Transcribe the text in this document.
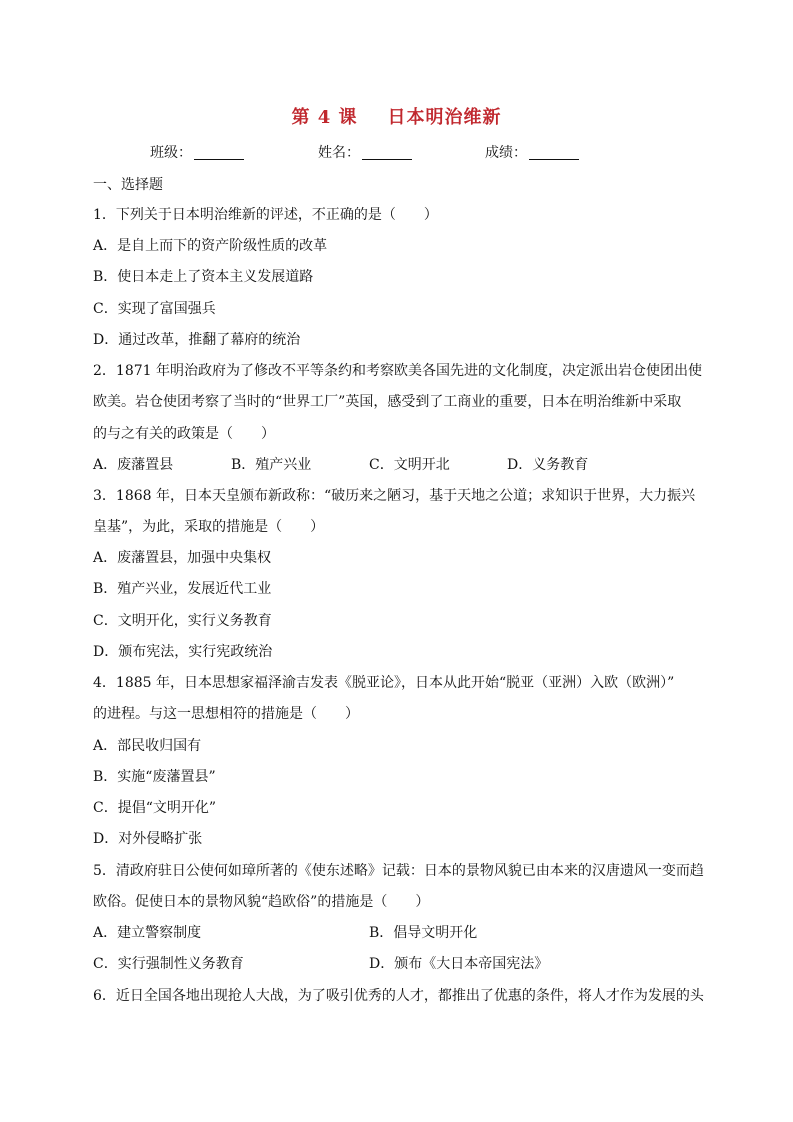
第 4 课 日本明治维新
班级：	姓名：	成绩：
一、选择题
1．下列关于日本明治维新的评述，不正确的是（　　）
A．是自上而下的资产阶级性质的改革
B．使日本走上了资本主义发展道路
C．实现了富国强兵
D．通过改革，推翻了幕府的统治
2．1871 年明治政府为了修改不平等条约和考察欧美各国先进的文化制度，决定派出岩仓使团出使
欧美。岩仓使团考察了当时的“世界工厂”英国，感受到了工商业的重要，日本在明治维新中采取
的与之有关的政策是（　　）
A．废藩置县	B．殖产兴业	C．文明开北	D．义务教育
3．1868 年，日本天皇颁布新政称：“破历来之陋习，基于天地之公道；求知识于世界，大力振兴
皇基”，为此，采取的措施是（　　）
A．废藩置县，加强中央集权
B．殖产兴业，发展近代工业
C．文明开化，实行义务教育
D．颁布宪法，实行宪政统治
4．1885 年，日本思想家福泽渝吉发表《脱亚论》，日本从此开始“脱亚（亚洲）入欧（欧洲）”
的进程。与这一思想相符的措施是（　　）
A．部民收归国有
B．实施“废藩置县”
C．提倡“文明开化”
D．对外侵略扩张
5．清政府驻日公使何如璋所著的《使东述略》记载：日本的景物风貌已由本来的汉唐遗风一变而趋
欧俗。促使日本的景物风貌“趋欧俗”的措施是（　　）
A．建立警察制度	B．倡导文明开化
C．实行强制性义务教育	D．颁布《大日本帝国宪法》
6．近日全国各地出现抢人大战，为了吸引优秀的人才，都推出了优惠的条件，将人才作为发展的头
